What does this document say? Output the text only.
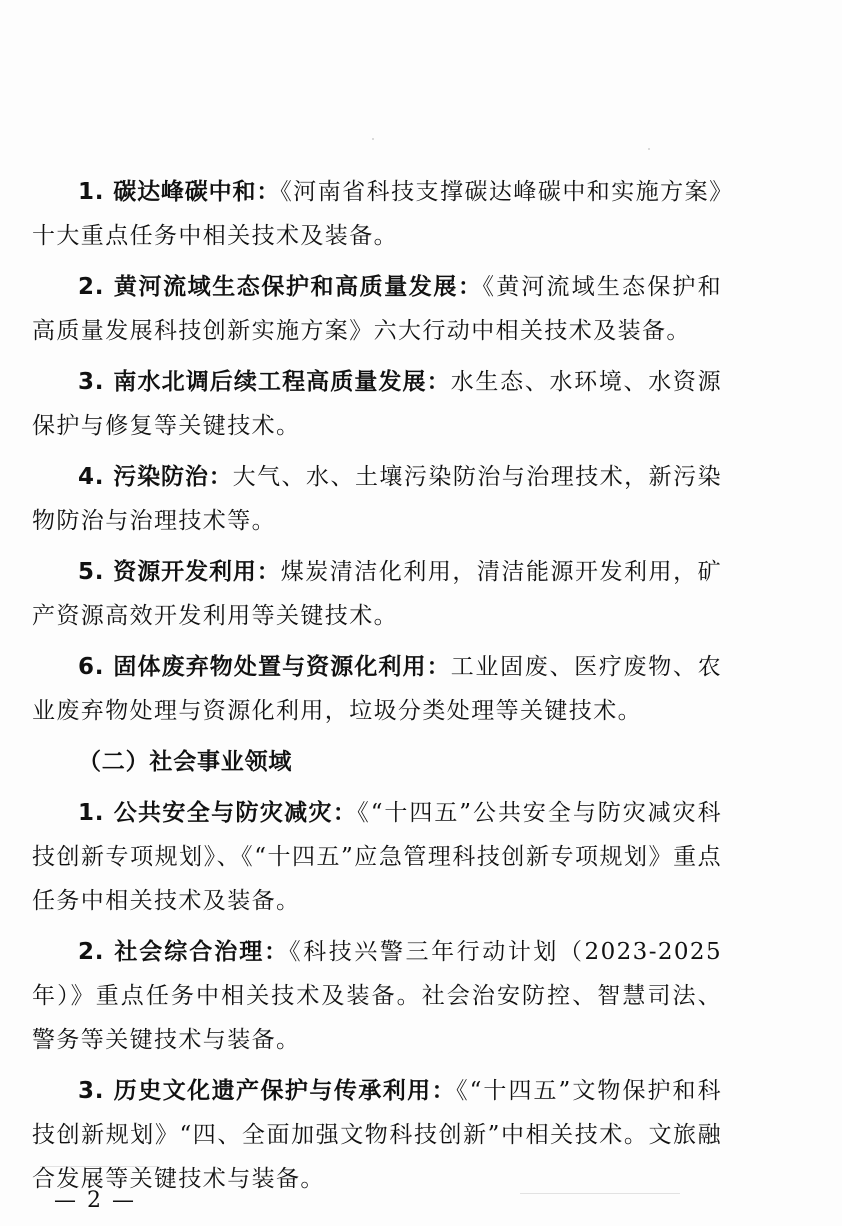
1. 碳达峰碳中和：《河南省科技支撑碳达峰碳中和实施方案》十大重点任务中相关技术及装备。

2. 黄河流域生态保护和高质量发展：《黄河流域生态保护和高质量发展科技创新实施方案》六大行动中相关技术及装备。

3. 南水北调后续工程高质量发展：水生态、水环境、水资源保护与修复等关键技术。

4. 污染防治：大气、水、土壤污染防治与治理技术，新污染物防治与治理技术等。

5. 资源开发利用：煤炭清洁化利用，清洁能源开发利用，矿产资源高效开发利用等关键技术。

6. 固体废弃物处置与资源化利用：工业固废、医疗废物、农业废弃物处理与资源化利用，垃圾分类处理等关键技术。

（二）社会事业领域

1. 公共安全与防灾减灾：《“十四五”公共安全与防灾减灾科技创新专项规划》、《“十四五”应急管理科技创新专项规划》重点任务中相关技术及装备。

2. 社会综合治理：《科技兴警三年行动计划（2023-2025年）》重点任务中相关技术及装备。社会治安防控、智慧司法、警务等关键技术与装备。

3. 历史文化遗产保护与传承利用：《“十四五”文物保护和科技创新规划》“四、全面加强文物科技创新”中相关技术。文旅融合发展等关键技术与装备。

— 2 —
